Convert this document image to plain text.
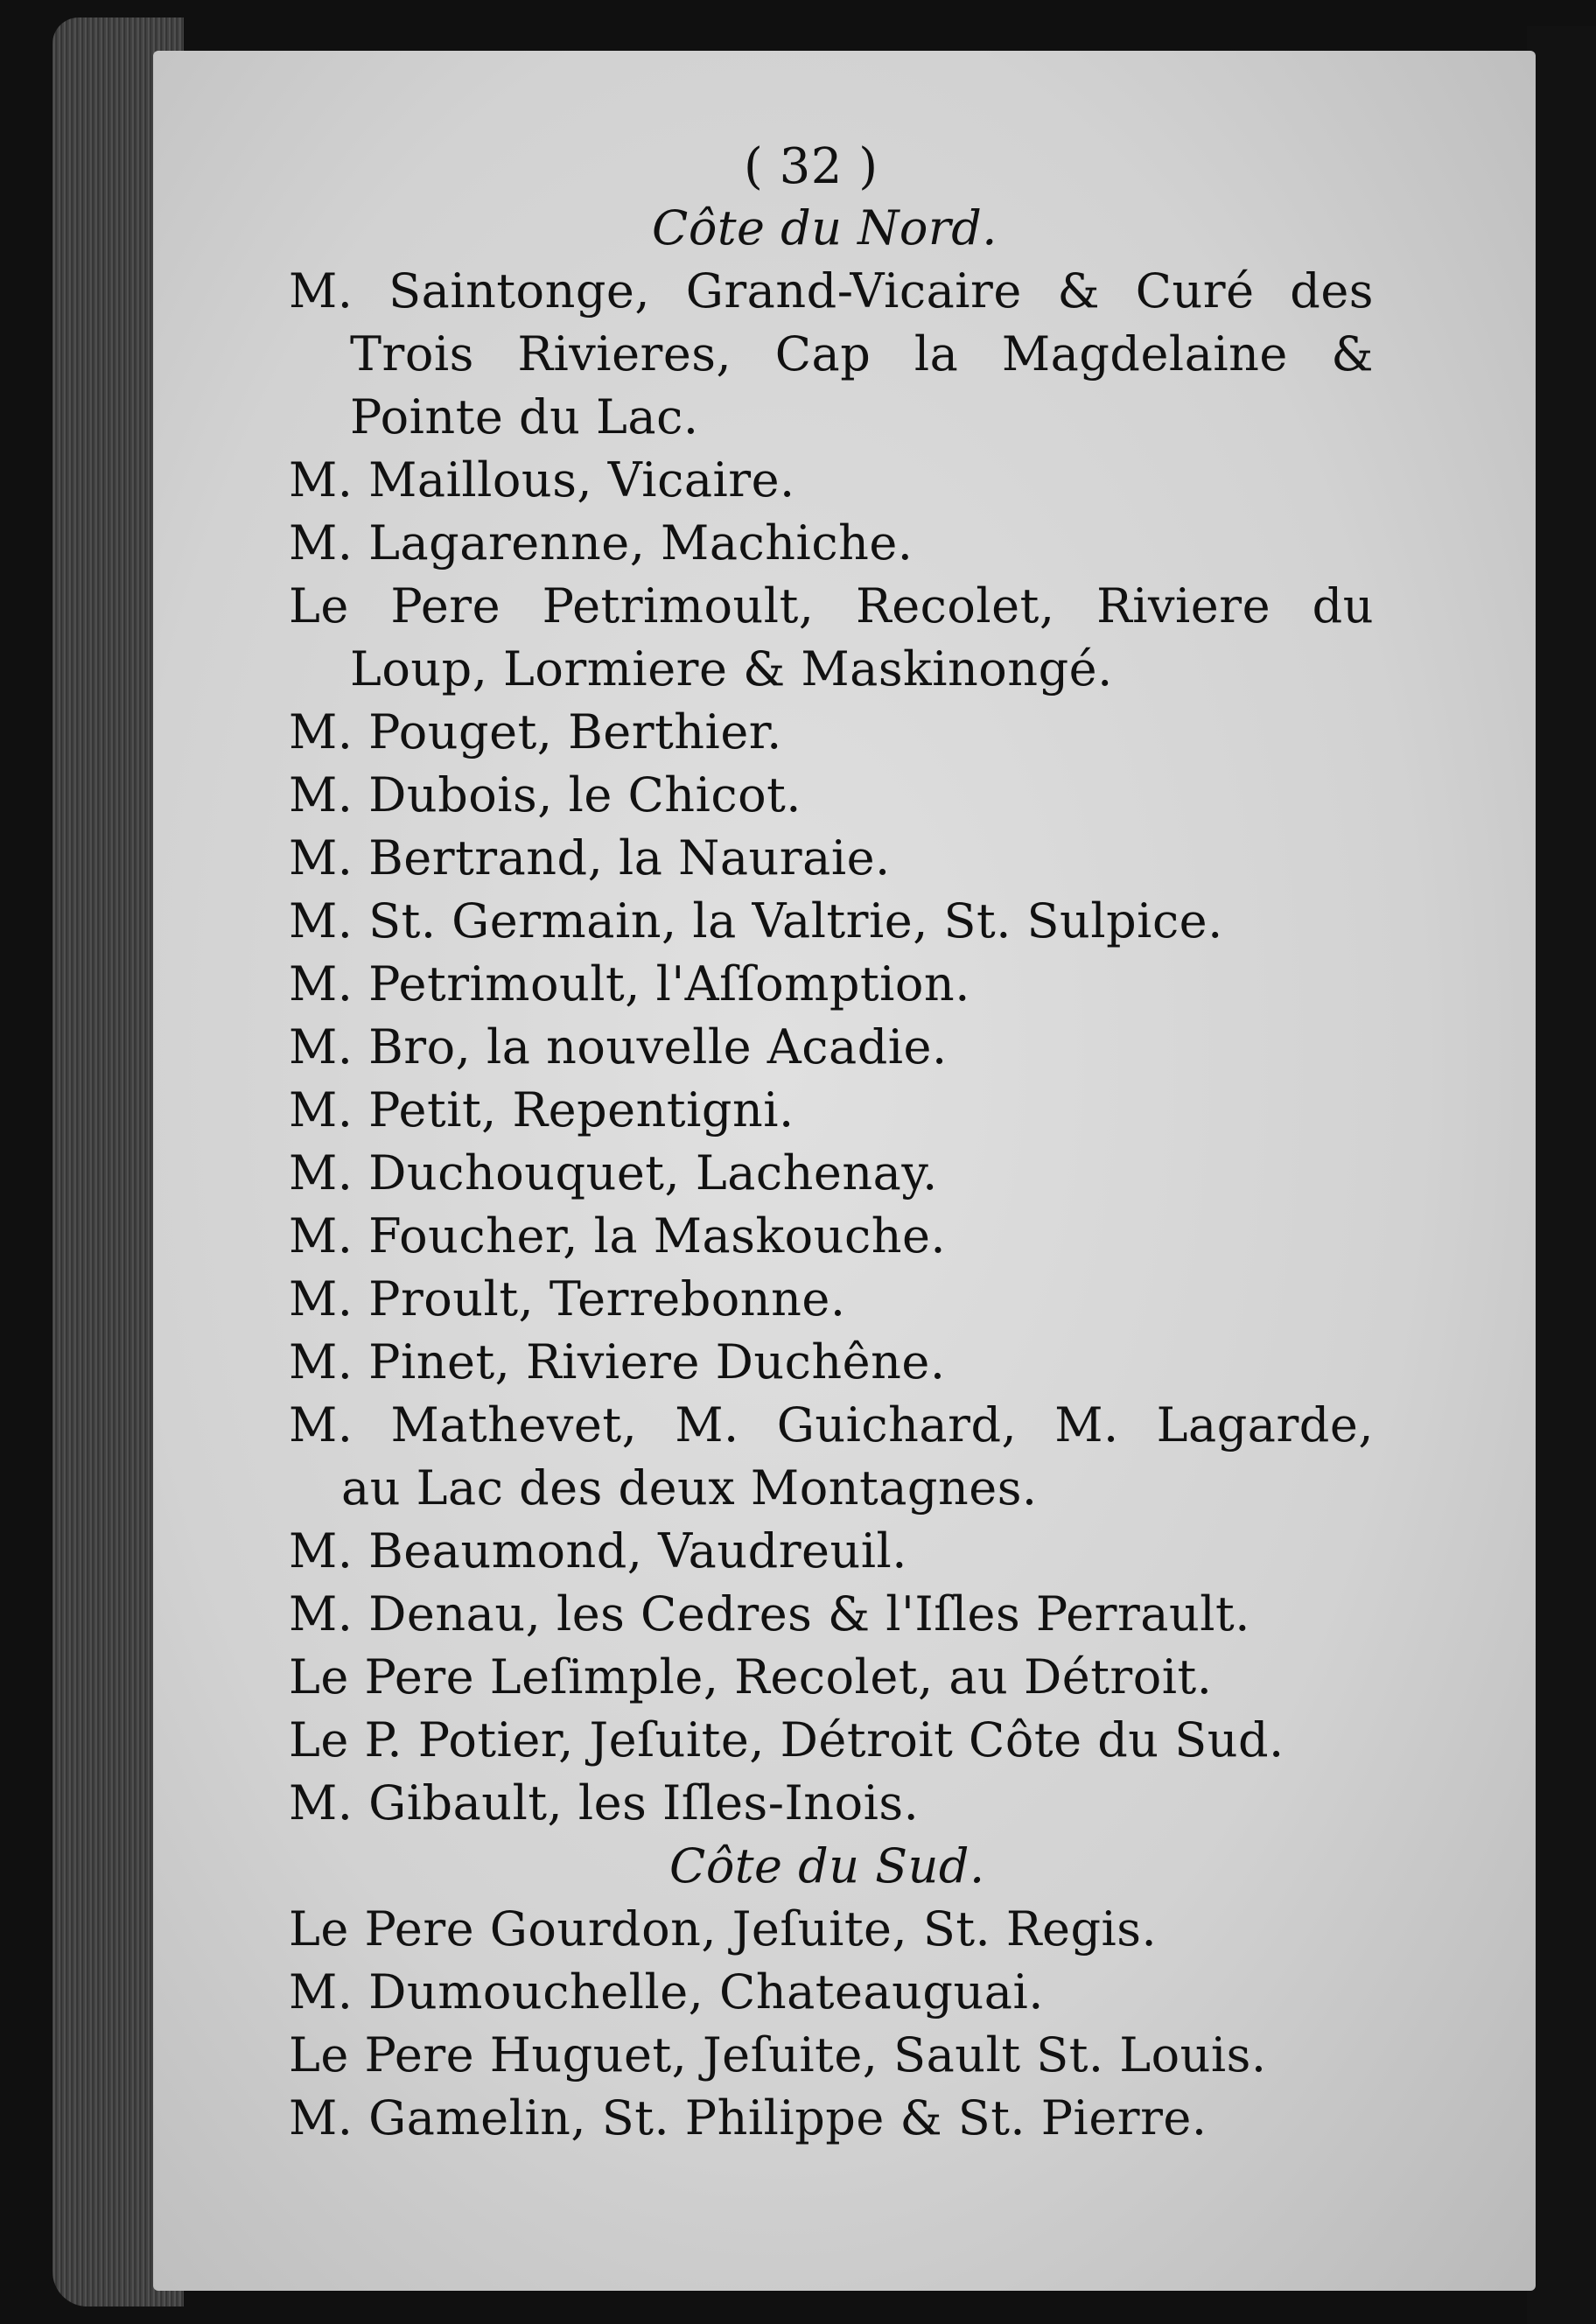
( 32 )
Côte du Nord.
M. Saintonge, Grand-Vicaire & Curé des
Trois Rivieres, Cap la Magdelaine &
Pointe du Lac.
M. Maillous, Vicaire.
M. Lagarenne, Machiche.
Le Pere Petrimoult, Recolet, Riviere du
Loup, Lormiere & Maskinongé.
M. Pouget, Berthier.
M. Dubois, le Chicot.
M. Bertrand, la Nauraie.
M. St. Germain, la Valtrie, St. Sulpice.
M. Petrimoult, l'Aſſomption.
M. Bro, la nouvelle Acadie.
M. Petit, Repentigni.
M. Duchouquet, Lachenay.
M. Foucher, la Maskouche.
M. Proult, Terrebonne.
M. Pinet, Riviere Duchêne.
M. Mathevet, M. Guichard, M. Lagarde,
au Lac des deux Montagnes.
M. Beaumond, Vaudreuil.
M. Denau, les Cedres & l'Iſles Perrault.
Le Pere Leſimple, Recolet, au Détroit.
Le P. Potier, Jeſuite, Détroit Côte du Sud.
M. Gibault, les Iſles-Inois.
Côte du Sud.
Le Pere Gourdon, Jeſuite, St. Regis.
M. Dumouchelle, Chateauguai.
Le Pere Huguet, Jeſuite, Sault St. Louis.
M. Gamelin, St. Philippe & St. Pierre.
